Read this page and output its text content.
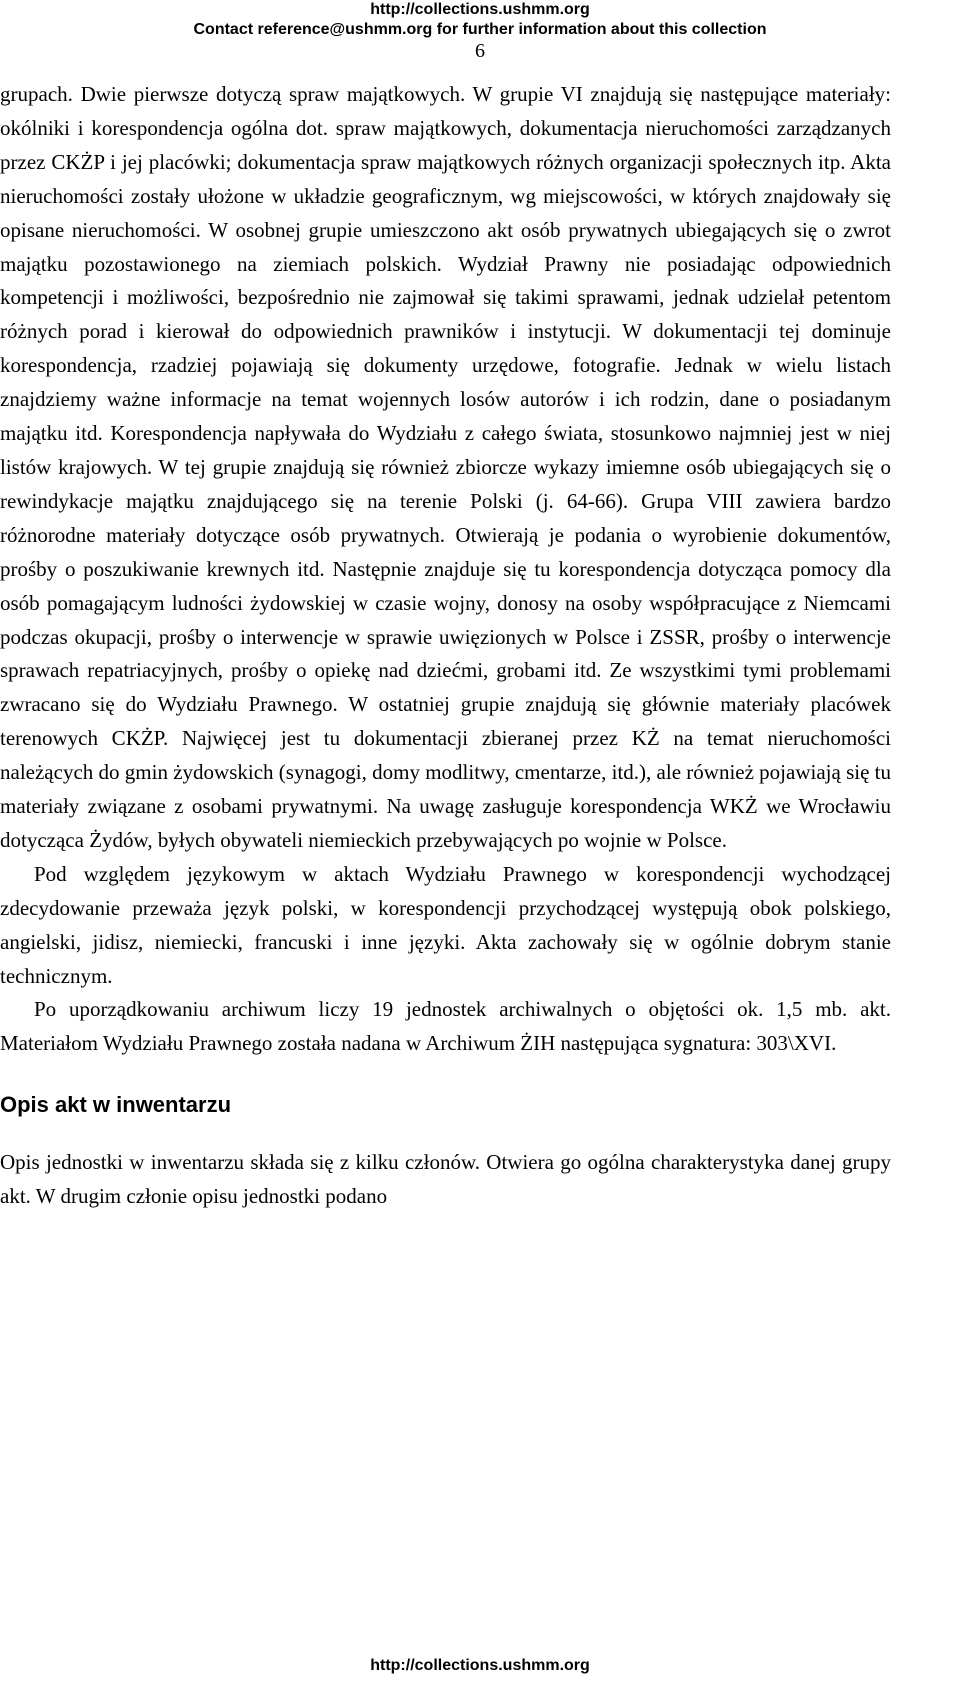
http://collections.ushmm.org
Contact reference@ushmm.org for further information about this collection
6

grupach. Dwie pierwsze dotyczą spraw majątkowych. W grupie VI znajdują się następujące materiały: okólniki i korespondencja ogólna dot. spraw majątkowych, dokumentacja nieruchomości zarządzanych przez CKŻP i jej placówki; dokumentacja spraw majątkowych różnych organizacji społecznych itp. Akta nieruchomości zostały ułożone w układzie geograficznym, wg miejscowości, w których znajdowały się opisane nieruchomości. W osobnej grupie umieszczono akt osób prywatnych ubiegających się o zwrot majątku pozostawionego na ziemiach polskich. Wydział Prawny nie posiadając odpowiednich kompetencji i możliwości, bezpośrednio nie zajmował się takimi sprawami, jednak udzielał petentom różnych porad i kierował do odpowiednich prawników i instytucji. W dokumentacji tej dominuje korespondencja, rzadziej pojawiają się dokumenty urzędowe, fotografie. Jednak w wielu listach znajdziemy ważne informacje na temat wojennych losów autorów i ich rodzin, dane o posiadanym majątku itd. Korespondencja napływała do Wydziału z całego świata, stosunkowo najmniej jest w niej listów krajowych. W tej grupie znajdują się również zbiorcze wykazy imiemne osób ubiegających się o rewindykacje majątku znajdującego się na terenie Polski (j. 64-66). Grupa VIII zawiera bardzo różnorodne materiały dotyczące osób prywatnych. Otwierają je podania o wyrobienie dokumentów, prośby o poszukiwanie krewnych itd. Następnie znajduje się tu korespondencja dotycząca pomocy dla osób pomagającym ludności żydowskiej w czasie wojny, donosy na osoby współpracujące z Niemcami podczas okupacji, prośby o interwencje w sprawie uwięzionych w Polsce i ZSSR, prośby o interwencje sprawach repatriacyjnych, prośby o opiekę nad dziećmi, grobami itd. Ze wszystkimi tymi problemami zwracano się do Wydziału Prawnego. W ostatniej grupie znajdują się głównie materiały placówek terenowych CKŻP. Najwięcej jest tu dokumentacji zbieranej przez KŻ na temat nieruchomości należących do gmin żydowskich (synagogi, domy modlitwy, cmentarze, itd.), ale również pojawiają się tu materiały związane z osobami prywatnymi. Na uwagę zasługuje korespondencja WKŻ we Wrocławiu dotycząca Żydów, byłych obywateli niemieckich przebywających po wojnie w Polsce.

Pod względem językowym w aktach Wydziału Prawnego w korespondencji wychodzącej zdecydowanie przeważa język polski, w korespondencji przychodzącej występują obok polskiego, angielski, jidisz, niemiecki, francuski i inne języki. Akta zachowały się w ogólnie dobrym stanie technicznym.

Po uporządkowaniu archiwum liczy 19 jednostek archiwalnych o objętości ok. 1,5 mb. akt. Materiałom Wydziału Prawnego została nadana w Archiwum ŻIH następująca sygnatura: 303\XVI.

Opis akt w inwentarzu

Opis jednostki w inwentarzu składa się z kilku członów. Otwiera go ogólna charakterystyka danej grupy akt. W drugim członie opisu jednostki podano

http://collections.ushmm.org
